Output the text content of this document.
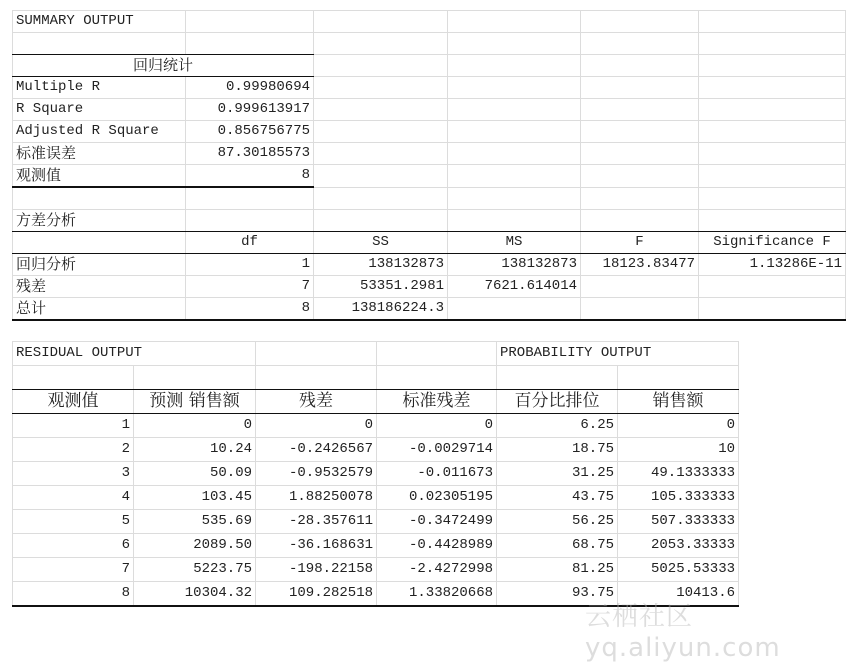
SUMMARY OUTPUT					

回归统计					
Multiple R	0.99980694				
R Square	0.999613917				
Adjusted R Square	0.856756775				
标准误差	87.30185573				
观测值	8				

方差分析					
	df	SS	MS	F	Significance F
回归分析	1	138132873	138132873	18123.83477	1.13286E-11
残差	7	53351.2981	7621.614014		
总计	8	138186224.3			
RESIDUAL OUTPUT				PROBABILITY OUTPUT	

观测值	预测 销售额	残差	标准残差	百分比排位	销售额
1	0	0	0	6.25	0
2	10.24	-0.2426567	-0.0029714	18.75	10
3	50.09	-0.9532579	-0.011673	31.25	49.1333333
4	103.45	1.88250078	0.02305195	43.75	105.333333
5	535.69	-28.357611	-0.3472499	56.25	507.333333
6	2089.50	-36.168631	-0.4428989	68.75	2053.33333
7	5223.75	-198.22158	-2.4272998	81.25	5025.53333
8	10304.32	109.282518	1.33820668	93.75	10413.6
云栖社区 yq.aliyun.com
